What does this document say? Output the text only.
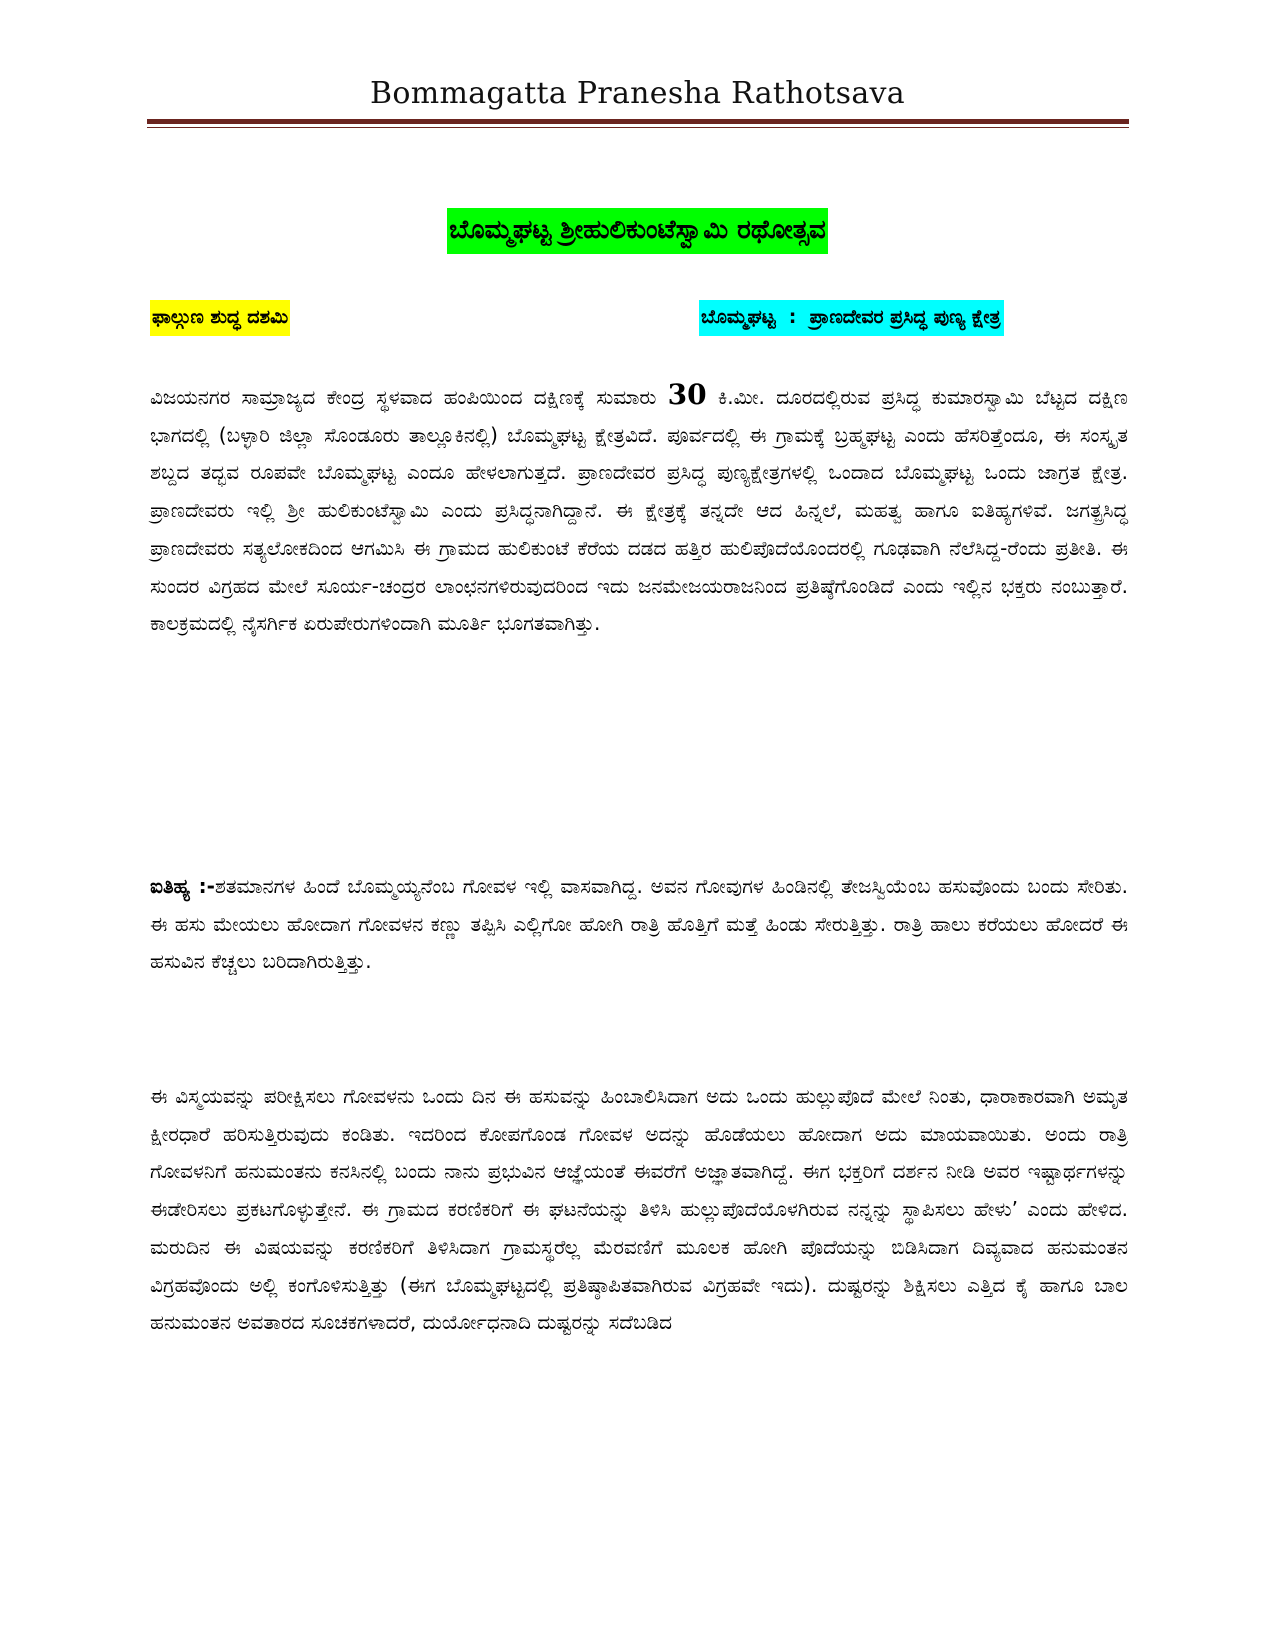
Bommagatta Pranesha Rathotsava
ಬೊಮ್ಮಘಟ್ಟ ಶ್ರೀಹುಲಿಕುಂಟೆಸ್ವಾಮಿ ರಥೋತ್ಸವ
ಫಾಲ್ಗುಣ ಶುದ್ಧ ದಶಮಿ	ಬೊಮ್ಮಘಟ್ಟ  :  ಪ್ರಾಣದೇವರ ಪ್ರಸಿದ್ಧ ಪುಣ್ಯ ಕ್ಷೇತ್ರ
ವಿಜಯನಗರ ಸಾಮ್ರಾಜ್ಯದ ಕೇಂದ್ರ ಸ್ಥಳವಾದ ಹಂಪಿಯಿಂದ ದಕ್ಷಿಣಕ್ಕೆ ಸುಮಾರು 30 ಕಿ.ಮೀ. ದೂರದಲ್ಲಿರುವ ಪ್ರಸಿದ್ಧ ಕುಮಾರಸ್ವಾಮಿ ಬೆಟ್ಟದ ದಕ್ಷಿಣ ಭಾಗದಲ್ಲಿ (ಬಳ್ಳಾರಿ ಜಿಲ್ಲಾ ಸೊಂಡೂರು ತಾಲ್ಲೂಕಿನಲ್ಲಿ) ಬೊಮ್ಮಘಟ್ಟ ಕ್ಷೇತ್ರವಿದೆ. ಪೂರ್ವದಲ್ಲಿ ಈ ಗ್ರಾಮಕ್ಕೆ ಬ್ರಹ್ಮಘಟ್ಟ ಎಂದು ಹೆಸರಿತ್ತೆಂದೂ, ಈ ಸಂಸ್ಕೃತ ಶಬ್ದದ ತದ್ಭವ ರೂಪವೇ ಬೊಮ್ಮಘಟ್ಟ ಎಂದೂ ಹೇಳಲಾಗುತ್ತದೆ. ಪ್ರಾಣದೇವರ ಪ್ರಸಿದ್ಧ ಪುಣ್ಯಕ್ಷೇತ್ರಗಳಲ್ಲಿ ಒಂದಾದ ಬೊಮ್ಮಘಟ್ಟ ಒಂದು ಜಾಗ್ರತ ಕ್ಷೇತ್ರ. ಪ್ರಾಣದೇವರು ಇಲ್ಲಿ ಶ್ರೀ ಹುಲಿಕುಂಟೆಸ್ವಾಮಿ ಎಂದು ಪ್ರಸಿದ್ಧನಾಗಿದ್ದಾನೆ. ಈ ಕ್ಷೇತ್ರಕ್ಕೆ ತನ್ನದೇ ಆದ ಹಿನ್ನಲೆ, ಮಹತ್ವ ಹಾಗೂ ಐತಿಹ್ಯಗಳಿವೆ. ಜಗತ್ಪ್ರಸಿದ್ಧ ಪ್ರಾಣದೇವರು ಸತ್ಯಲೋಕದಿಂದ ಆಗಮಿಸಿ ಈ ಗ್ರಾಮದ ಹುಲಿಕುಂಟೆ ಕೆರೆಯ ದಡದ ಹತ್ತಿರ ಹುಲಿಪೊದೆಯೊಂದರಲ್ಲಿ ಗೂಢವಾಗಿ ನೆಲೆಸಿದ್ದ-ರೆಂದು ಪ್ರತೀತಿ. ಈ ಸುಂದರ ವಿಗ್ರಹದ ಮೇಲೆ ಸೂರ್ಯ-ಚಂದ್ರರ ಲಾಂಛನಗಳಿರುವುದರಿಂದ ಇದು ಜನಮೇಜಯರಾಜನಿಂದ ಪ್ರತಿಷ್ಠೆಗೊಂಡಿದೆ ಎಂದು ಇಲ್ಲಿನ ಭಕ್ತರು ನಂಬುತ್ತಾರೆ. ಕಾಲಕ್ರಮದಲ್ಲಿ ನೈಸರ್ಗಿಕ ಏರುಪೇರುಗಳಿಂದಾಗಿ ಮೂರ್ತಿ ಭೂಗತವಾಗಿತ್ತು.
ಐತಿಹ್ಯ :-ಶತಮಾನಗಳ ಹಿಂದೆ ಬೊಮ್ಮಯ್ಯನೆಂಬ ಗೋವಳ ಇಲ್ಲಿ ವಾಸವಾಗಿದ್ದ. ಅವನ ಗೋವುಗಳ ಹಿಂಡಿನಲ್ಲಿ ತೇಜಸ್ವಿಯೆಂಬ ಹಸುವೊಂದು ಬಂದು ಸೇರಿತು. ಈ ಹಸು ಮೇಯಲು ಹೋದಾಗ ಗೋವಳನ ಕಣ್ಣು ತಪ್ಪಿಸಿ ಎಲ್ಲಿಗೋ ಹೋಗಿ ರಾತ್ರಿ ಹೊತ್ತಿಗೆ ಮತ್ತೆ ಹಿಂಡು ಸೇರುತ್ತಿತ್ತು. ರಾತ್ರಿ ಹಾಲು ಕರೆಯಲು ಹೋದರೆ ಈ ಹಸುವಿನ ಕೆಚ್ಚಲು ಬರಿದಾಗಿರುತ್ತಿತ್ತು.
ಈ ವಿಸ್ಮಯವನ್ನು ಪರೀಕ್ಷಿಸಲು ಗೋವಳನು ಒಂದು ದಿನ ಈ ಹಸುವನ್ನು ಹಿಂಬಾಲಿಸಿದಾಗ ಅದು ಒಂದು ಹುಲ್ಲುಪೊದೆ ಮೇಲೆ ನಿಂತು, ಧಾರಾಕಾರವಾಗಿ ಅಮೃತ ಕ್ಷೀರಧಾರೆ ಹರಿಸುತ್ತಿರುವುದು ಕಂಡಿತು. ಇದರಿಂದ ಕೋಪಗೊಂಡ ಗೋವಳ ಅದನ್ನು ಹೊಡೆಯಲು ಹೋದಾಗ ಅದು ಮಾಯವಾಯಿತು. ಅಂದು ರಾತ್ರಿ ಗೋವಳನಿಗೆ ಹನುಮಂತನು ಕನಸಿನಲ್ಲಿ ಬಂದು ನಾನು ಪ್ರಭುವಿನ ಆಜ್ಞೆಯಂತೆ ಈವರೆಗೆ ಅಜ್ಞಾತವಾಗಿದ್ದೆ. ಈಗ ಭಕ್ತರಿಗೆ ದರ್ಶನ ನೀಡಿ ಅವರ ಇಷ್ಟಾರ್ಥಗಳನ್ನು ಈಡೇರಿಸಲು ಪ್ರಕಟಗೊಳ್ಳುತ್ತೇನೆ. ಈ ಗ್ರಾಮದ ಕರಣಿಕರಿಗೆ ಈ ಘಟನೆಯನ್ನು ತಿಳಿಸಿ ಹುಲ್ಲುಪೊದೆಯೊಳಗಿರುವ ನನ್ನನ್ನು ಸ್ಥಾಪಿಸಲು ಹೇಳು’ ಎಂದು ಹೇಳಿದ. ಮರುದಿನ ಈ ವಿಷಯವನ್ನು ಕರಣಿಕರಿಗೆ ತಿಳಿಸಿದಾಗ ಗ್ರಾಮಸ್ಥರೆಲ್ಲ ಮೆರವಣಿಗೆ ಮೂಲಕ ಹೋಗಿ ಪೊದೆಯನ್ನು ಬಿಡಿಸಿದಾಗ ದಿವ್ಯವಾದ ಹನುಮಂತನ ವಿಗ್ರಹವೊಂದು ಅಲ್ಲಿ ಕಂಗೊಳಿಸುತ್ತಿತ್ತು (ಈಗ ಬೊಮ್ಮಘಟ್ಟದಲ್ಲಿ ಪ್ರತಿಷ್ಠಾಪಿತವಾಗಿರುವ ವಿಗ್ರಹವೇ ಇದು). ದುಷ್ಟರನ್ನು ಶಿಕ್ಷಿಸಲು ಎತ್ತಿದ ಕೈ ಹಾಗೂ ಬಾಲ ಹನುಮಂತನ ಅವತಾರದ ಸೂಚಕಗಳಾದರೆ, ದುರ್ಯೋಧನಾದಿ ದುಷ್ಟರನ್ನು ಸದೆಬಡಿದ
